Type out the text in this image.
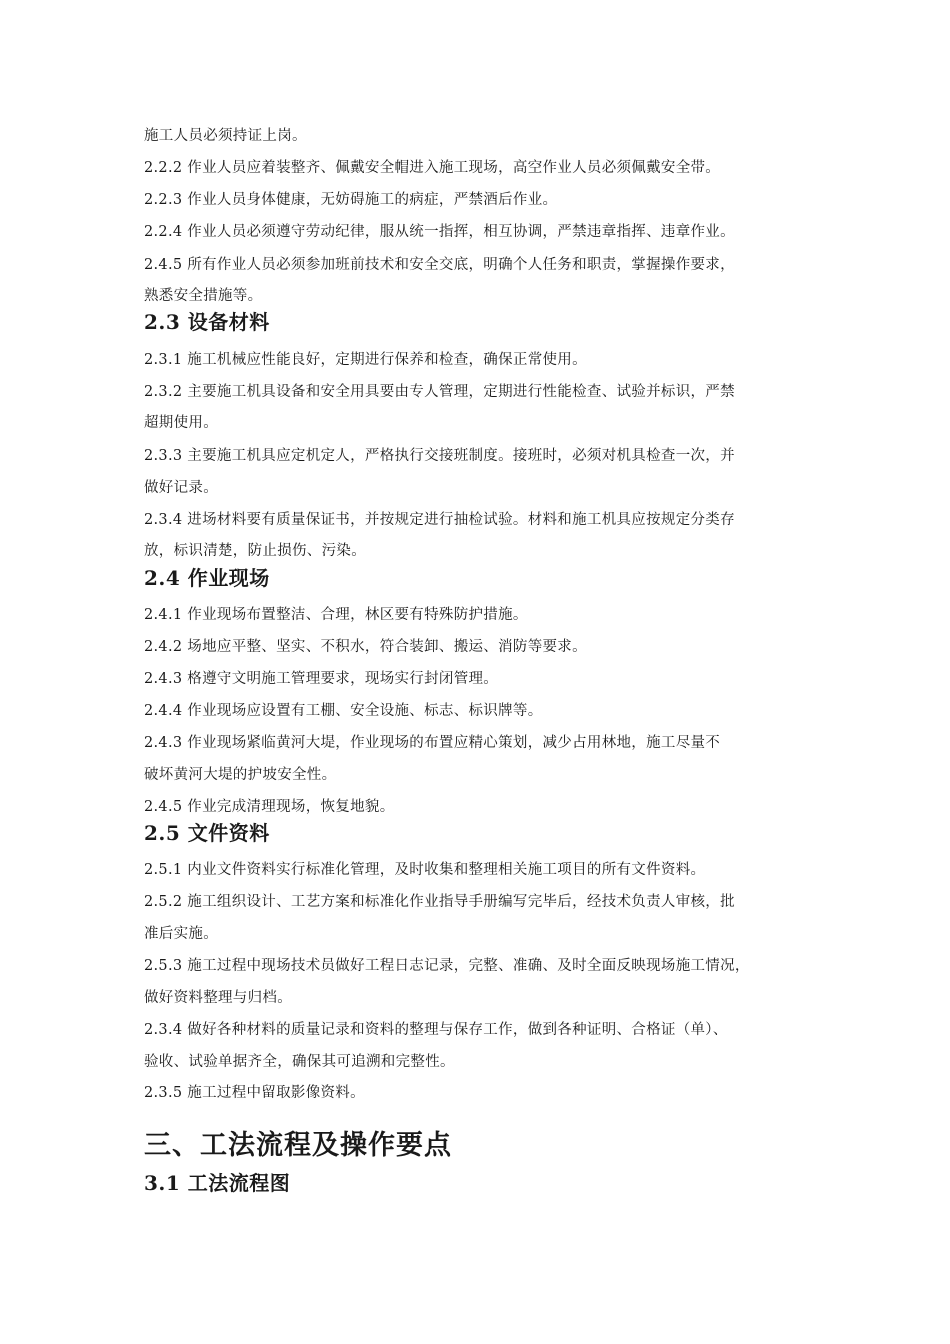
施工人员必须持证上岗。

2.2.2 作业人员应着装整齐、佩戴安全帽进入施工现场，高空作业人员必须佩戴安全带。

2.2.3 作业人员身体健康，无妨碍施工的病症，严禁酒后作业。

2.2.4 作业人员必须遵守劳动纪律，服从统一指挥，相互协调，严禁违章指挥、违章作业。

2.4.5 所有作业人员必须参加班前技术和安全交底，明确个人任务和职责，掌握操作要求，

熟悉安全措施等。

2.3 设备材料

2.3.1 施工机械应性能良好，定期进行保养和检查，确保正常使用。

2.3.2 主要施工机具设备和安全用具要由专人管理，定期进行性能检查、试验并标识，严禁

超期使用。

2.3.3 主要施工机具应定机定人，严格执行交接班制度。接班时，必须对机具检查一次，并

做好记录。

2.3.4 进场材料要有质量保证书，并按规定进行抽检试验。材料和施工机具应按规定分类存

放，标识清楚，防止损伤、污染。

2.4 作业现场

2.4.1 作业现场布置整洁、合理，林区要有特殊防护措施。

2.4.2 场地应平整、坚实、不积水，符合装卸、搬运、消防等要求。

2.4.3 格遵守文明施工管理要求，现场实行封闭管理。

2.4.4 作业现场应设置有工棚、安全设施、标志、标识牌等。

2.4.3 作业现场紧临黄河大堤，作业现场的布置应精心策划，减少占用林地，施工尽量不

破坏黄河大堤的护坡安全性。

2.4.5 作业完成清理现场，恢复地貌。

2.5 文件资料

2.5.1 内业文件资料实行标准化管理，及时收集和整理相关施工项目的所有文件资料。

2.5.2 施工组织设计、工艺方案和标准化作业指导手册编写完毕后，经技术负责人审核，批

准后实施。

2.5.3 施工过程中现场技术员做好工程日志记录，完整、准确、及时全面反映现场施工情况，

做好资料整理与归档。

2.3.4 做好各种材料的质量记录和资料的整理与保存工作，做到各种证明、合格证（单）、

验收、试验单据齐全，确保其可追溯和完整性。

2.3.5 施工过程中留取影像资料。

三、工法流程及操作要点
3.1 工法流程图
